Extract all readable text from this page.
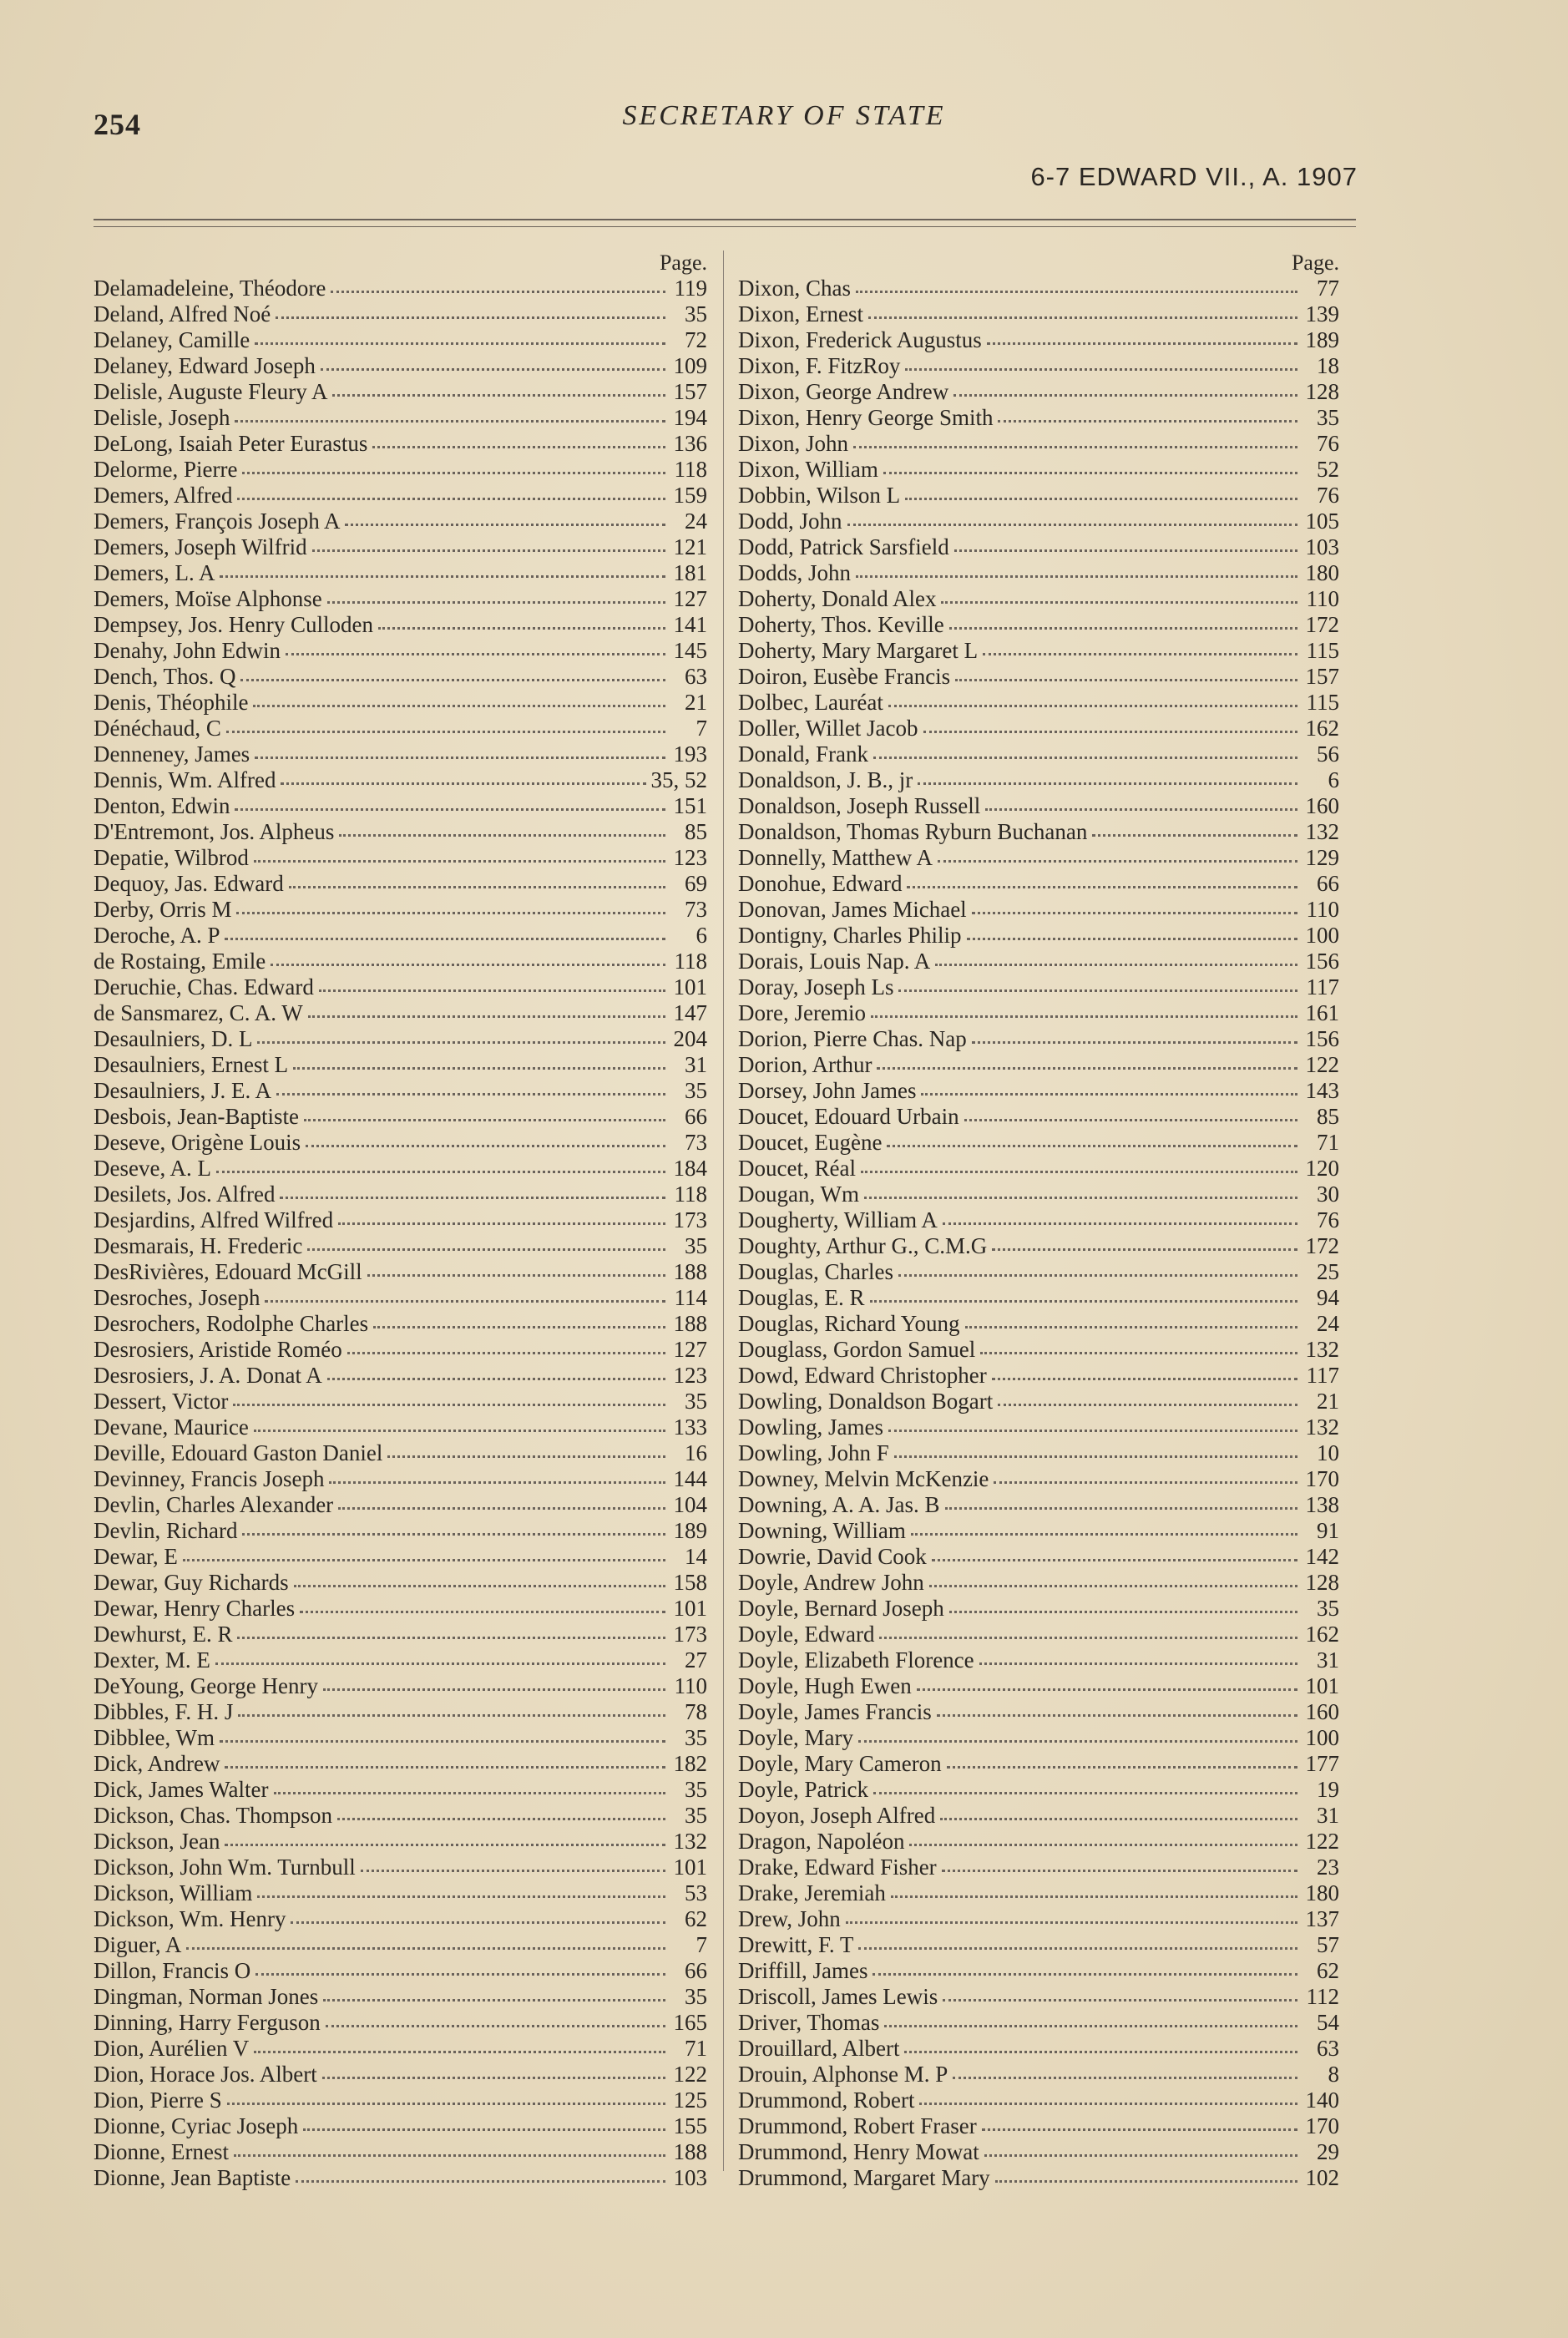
254	SECRETARY OF STATE
6-7 EDWARD VII., A. 1907
Page.
Delamadeleine, Théodore	119
Deland, Alfred Noé	35
Delaney, Camille	72
Delaney, Edward Joseph	109
Delisle, Auguste Fleury A	157
Delisle, Joseph	194
DeLong, Isaiah Peter Eurastus	136
Delorme, Pierre	118
Demers, Alfred	159
Demers, François Joseph A	24
Demers, Joseph Wilfrid	121
Demers, L. A	181
Demers, Moïse Alphonse	127
Dempsey, Jos. Henry Culloden	141
Denahy, John Edwin	145
Dench, Thos. Q	63
Denis, Théophile	21
Dénéchaud, C	7
Denneney, James	193
Dennis, Wm. Alfred	35, 52
Denton, Edwin	151
D'Entremont, Jos. Alpheus	85
Depatie, Wilbrod	123
Dequoy, Jas. Edward	69
Derby, Orris M	73
Deroche, A. P	6
de Rostaing, Emile	118
Deruchie, Chas. Edward	101
de Sansmarez, C. A. W	147
Desaulniers, D. L	204
Desaulniers, Ernest L	31
Desaulniers, J. E. A	35
Desbois, Jean-Baptiste	66
Deseve, Origène Louis	73
Deseve, A. L	184
Desilets, Jos. Alfred	118
Desjardins, Alfred Wilfred	173
Desmarais, H. Frederic	35
DesRivières, Edouard McGill	188
Desroches, Joseph	114
Desrochers, Rodolphe Charles	188
Desrosiers, Aristide Roméo	127
Desrosiers, J. A. Donat A	123
Dessert, Victor	35
Devane, Maurice	133
Deville, Edouard Gaston Daniel	16
Devinney, Francis Joseph	144
Devlin, Charles Alexander	104
Devlin, Richard	189
Dewar, E	14
Dewar, Guy Richards	158
Dewar, Henry Charles	101
Dewhurst, E. R	173
Dexter, M. E	27
DeYoung, George Henry	110
Dibbles, F. H. J	78
Dibblee, Wm	35
Dick, Andrew	182
Dick, James Walter	35
Dickson, Chas. Thompson	35
Dickson, Jean	132
Dickson, John Wm. Turnbull	101
Dickson, William	53
Dickson, Wm. Henry	62
Diguer, A	7
Dillon, Francis O	66
Dingman, Norman Jones	35
Dinning, Harry Ferguson	165
Dion, Aurélien V	71
Dion, Horace Jos. Albert	122
Dion, Pierre S	125
Dionne, Cyriac Joseph	155
Dionne, Ernest	188
Dionne, Jean Baptiste	103
Page.
Dixon, Chas	77
Dixon, Ernest	139
Dixon, Frederick Augustus	189
Dixon, F. FitzRoy	18
Dixon, George Andrew	128
Dixon, Henry George Smith	35
Dixon, John	76
Dixon, William	52
Dobbin, Wilson L	76
Dodd, John	105
Dodd, Patrick Sarsfield	103
Dodds, John	180
Doherty, Donald Alex	110
Doherty, Thos. Keville	172
Doherty, Mary Margaret L	115
Doiron, Eusèbe Francis	157
Dolbec, Lauréat	115
Doller, Willet Jacob	162
Donald, Frank	56
Donaldson, J. B., jr	6
Donaldson, Joseph Russell	160
Donaldson, Thomas Ryburn Buchanan	132
Donnelly, Matthew A	129
Donohue, Edward	66
Donovan, James Michael	110
Dontigny, Charles Philip	100
Dorais, Louis Nap. A	156
Doray, Joseph Ls	117
Dore, Jeremio	161
Dorion, Pierre Chas. Nap	156
Dorion, Arthur	122
Dorsey, John James	143
Doucet, Edouard Urbain	85
Doucet, Eugène	71
Doucet, Réal	120
Dougan, Wm	30
Dougherty, William A	76
Doughty, Arthur G., C.M.G	172
Douglas, Charles	25
Douglas, E. R	94
Douglas, Richard Young	24
Douglass, Gordon Samuel	132
Dowd, Edward Christopher	117
Dowling, Donaldson Bogart	21
Dowling, James	132
Dowling, John F	10
Downey, Melvin McKenzie	170
Downing, A. A. Jas. B	138
Downing, William	91
Dowrie, David Cook	142
Doyle, Andrew John	128
Doyle, Bernard Joseph	35
Doyle, Edward	162
Doyle, Elizabeth Florence	31
Doyle, Hugh Ewen	101
Doyle, James Francis	160
Doyle, Mary	100
Doyle, Mary Cameron	177
Doyle, Patrick	19
Doyon, Joseph Alfred	31
Dragon, Napoléon	122
Drake, Edward Fisher	23
Drake, Jeremiah	180
Drew, John	137
Drewitt, F. T	57
Driffill, James	62
Driscoll, James Lewis	112
Driver, Thomas	54
Drouillard, Albert	63
Drouin, Alphonse M. P	8
Drummond, Robert	140
Drummond, Robert Fraser	170
Drummond, Henry Mowat	29
Drummond, Margaret Mary	102
